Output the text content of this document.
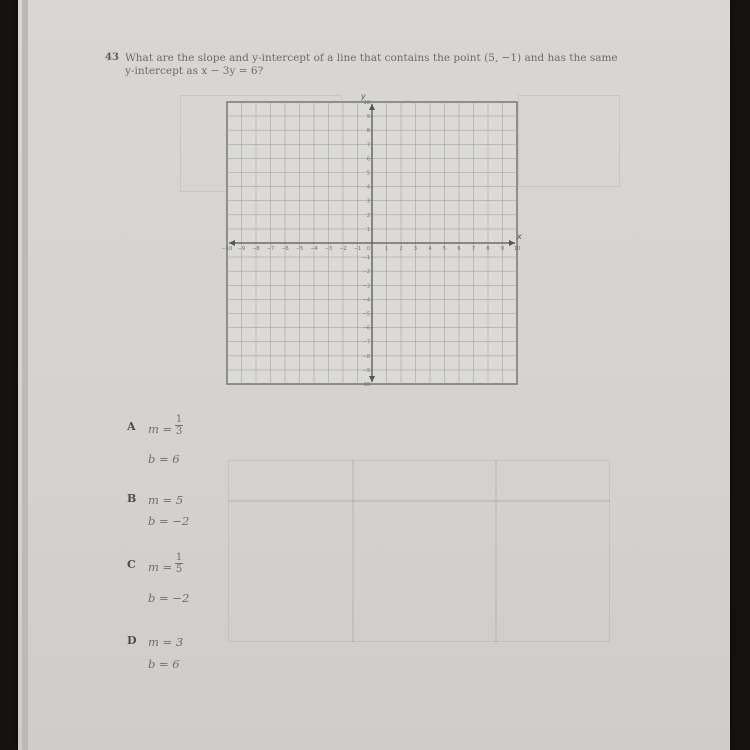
43 What are the slope and y-intercept of a line that contains the point (5, −1) and has the same
y-intercept as x − 3y = 6?
−10 −9 −8 −7 −6 −5 −4 −3 −2 −1	1 2 3 4 5 6 7 8 9 10
10
9
8
7
6
5
4
3
2
1
−1
−2
−3
−4
−5
−6
−7
−8
−9
−10
0
x
y
A m =
1
3
b = 6
B m = 5
b = −2
C m =
1
5
b = −2
D m = 3
b = 6
